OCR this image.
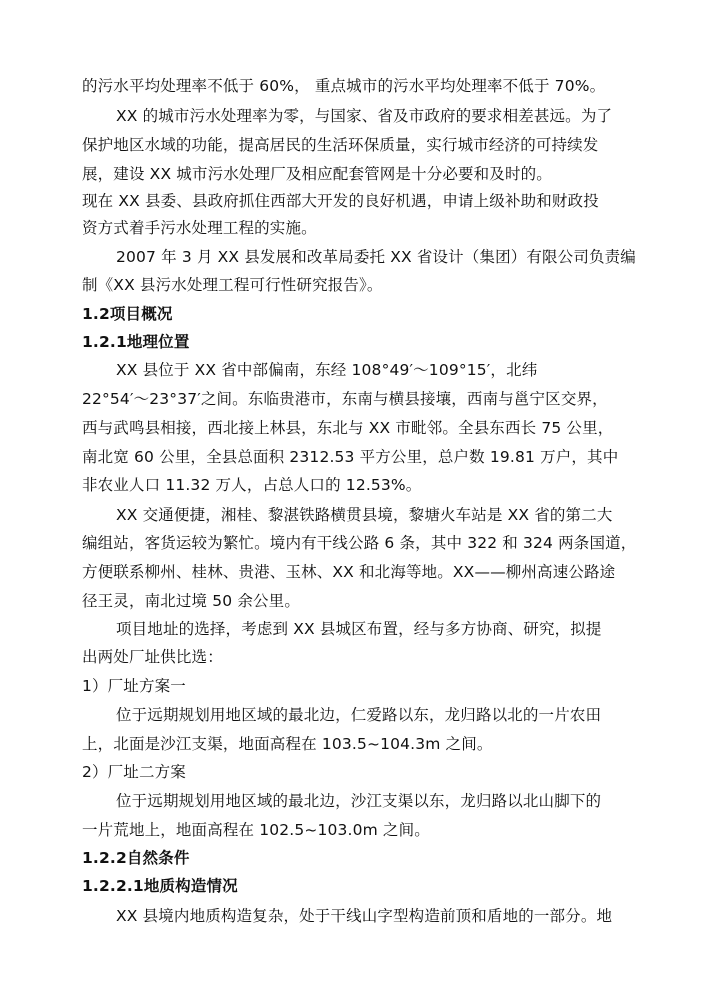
的污水平均处理率不低于 60%， 重点城市的污水平均处理率不低于 70%。
XX 的城市污水处理率为零，与国家、省及市政府的要求相差甚远。为了
保护地区水域的功能，提高居民的生活环保质量，实行城市经济的可持续发
展，建设 XX 城市污水处理厂及相应配套管网是十分必要和及时的。
现在 XX 县委、县政府抓住西部大开发的良好机遇，申请上级补助和财政投
资方式着手污水处理工程的实施。
2007 年 3 月 XX 县发展和改革局委托 XX 省设计（集团）有限公司负责编
制《XX 县污水处理工程可行性研究报告》。
1.2项目概况
1.2.1地理位置
XX 县位于 XX 省中部偏南，东经 108°49′～109°15′，北纬
22°54′～23°37′之间。东临贵港市，东南与横县接壤，西南与邕宁区交界，
西与武鸣县相接，西北接上林县，东北与 XX 市毗邻。全县东西长 75 公里，
南北宽 60 公里，全县总面积 2312.53 平方公里，总户数 19.81 万户，其中
非农业人口 11.32 万人，占总人口的 12.53%。
XX 交通便捷，湘桂、黎湛铁路横贯县境，黎塘火车站是 XX 省的第二大
编组站，客货运较为繁忙。境内有干线公路 6 条，其中 322 和 324 两条国道，
方便联系柳州、桂林、贵港、玉林、XX 和北海等地。XX——柳州高速公路途
径王灵，南北过境 50 余公里。
项目地址的选择，考虑到 XX 县城区布置，经与多方协商、研究，拟提
出两处厂址供比选：
1）厂址方案一
位于远期规划用地区域的最北边，仁爱路以东，龙归路以北的一片农田
上，北面是沙江支渠，地面高程在 103.5~104.3m 之间。
2）厂址二方案
位于远期规划用地区域的最北边，沙江支渠以东，龙归路以北山脚下的
一片荒地上，地面高程在 102.5~103.0m 之间。
1.2.2自然条件
1.2.2.1地质构造情况
XX 县境内地质构造复杂，处于干线山字型构造前顶和盾地的一部分。地
